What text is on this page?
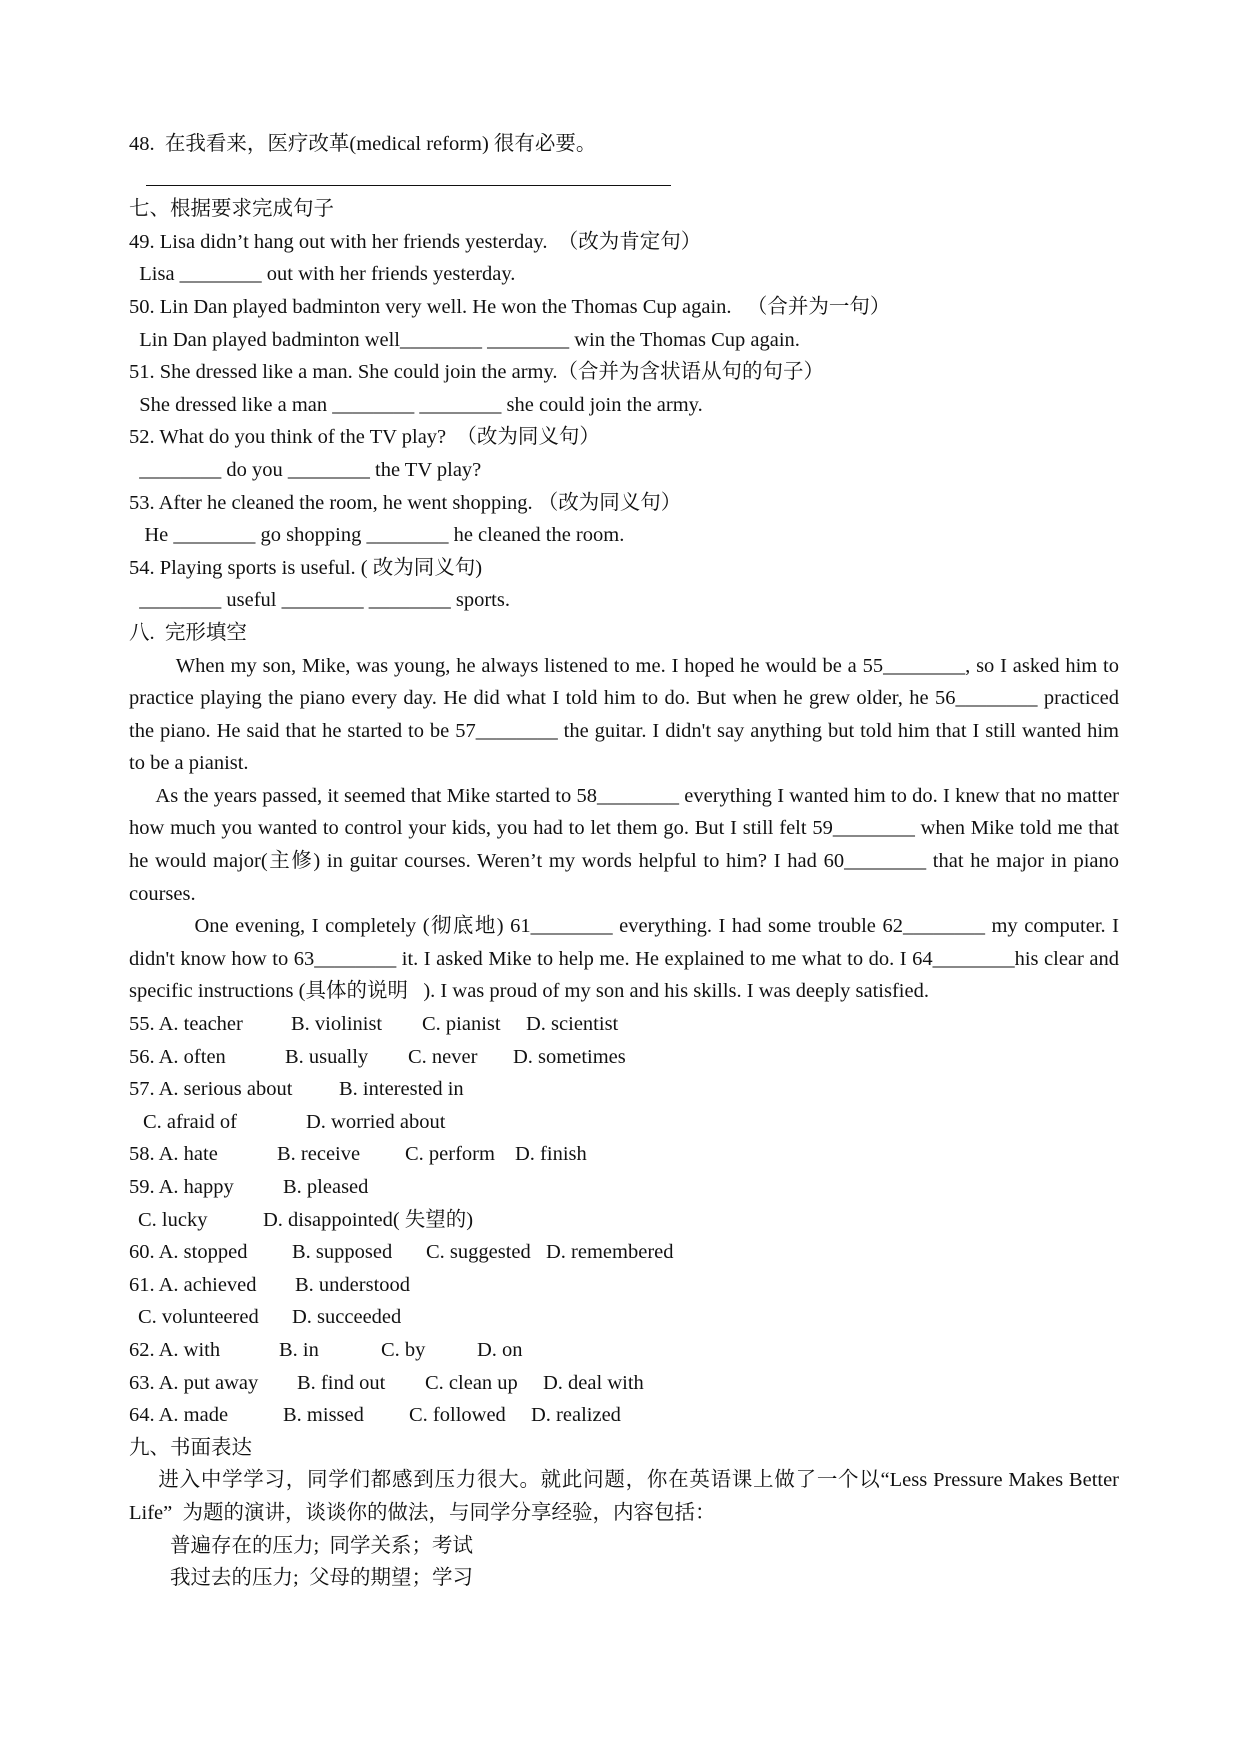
48.  在我看来，医疗改革(medical reform) 很有必要。
七、根据要求完成句子
49. Lisa didn’t hang out with her friends yesterday.  （改为肯定句）
Lisa ________ out with her friends yesterday.
50. Lin Dan played badminton very well. He won the Thomas Cup again.   （合并为一句）
Lin Dan played badminton well________ ________ win the Thomas Cup again.
51. She dressed like a man. She could join the army.（合并为含状语从句的句子）
She dressed like a man ________ ________ she could join the army.
52. What do you think of the TV play?  （改为同义句）
________ do you ________ the TV play?
53. After he cleaned the room, he went shopping. （改为同义句）
He ________ go shopping ________ he cleaned the room.
54. Playing sports is useful. ( 改为同义句)
________ useful ________ ________ sports.
八.  完形填空
When my son, Mike, was young, he always listened to me. I hoped he would be a 55________, so I asked him to practice playing the piano every day. He did what I told him to do. But when he grew older, he 56________ practiced the piano. He said that he started to be 57________ the guitar. I didn't say anything but told him that I still wanted him to be a pianist.
As the years passed, it seemed that Mike started to 58________ everything I wanted him to do. I knew that no matter how much you wanted to control your kids, you had to let them go. But I still felt 59________ when Mike told me that he would major(主修) in guitar courses. Weren’t my words helpful to him? I had 60________ that he major in piano courses.
One evening, I completely (彻底地) 61________ everything. I had some trouble 62________ my computer. I didn't know how to 63________ it. I asked Mike to help me. He explained to me what to do. I 64________his clear and specific instructions (具体的说明   ). I was proud of my son and his skills. I was deeply satisfied.
55. A. teacher B. violinist C. pianist D. scientist
56. A. often	B. usually C. never D. sometimes
57. A. serious about B. interested in
C. afraid of	D. worried about
58. A. hate	B. receive C. perform D. finish
59. A. happy B. pleased
C. lucky	D. disappointed( 失望的)
60. A. stopped B. supposed C. suggested D. remembered
61. A. achieved B. understood
C. volunteered D. succeeded
62. A. with	B. in	C. by	D. on
63. A. put away B. find out C. clean up D. deal with
64. A. made	B. missed C. followed D. realized
九、书面表达
进入中学学习，同学们都感到压力很大。就此问题，你在英语课上做了一个以“Less Pressure Makes Better Life”  为题的演讲，谈谈你的做法，与同学分享经验，内容包括：
普遍存在的压力;  同学关系；考试
我过去的压力;  父母的期望；学习
